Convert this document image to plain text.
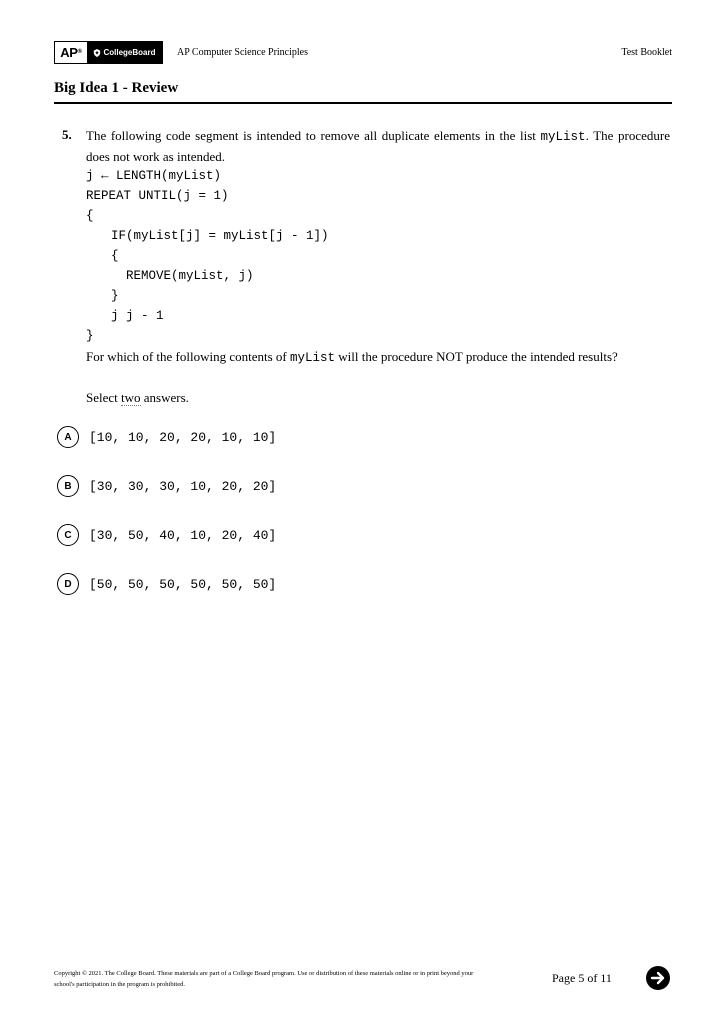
AP®	CollegeBoard AP Computer Science Principles	Test Booklet
Big Idea 1 - Review
5. The following code segment is intended to remove all duplicate elements in the list myList. The procedure does not work as intended.
j ← LENGTH(myList)
REPEAT UNTIL(j = 1)
{
IF(myList[j] = myList[j - 1])
{
REMOVE(myList, j)
}
j j - 1
}
For which of the following contents of myList will the procedure NOT produce the intended results?
Select two answers.
A	[10, 10, 20, 20, 10, 10]
B	[30, 30, 30, 10, 20, 20]
C	[30, 50, 40, 10, 20, 40]
D	[50, 50, 50, 50, 50, 50]
Copyright © 2021. The College Board. These materials are part of a College Board program. Use or distribution of these materials online or in print beyond your school's participation in the program is prohibited.	Page 5 of 11
